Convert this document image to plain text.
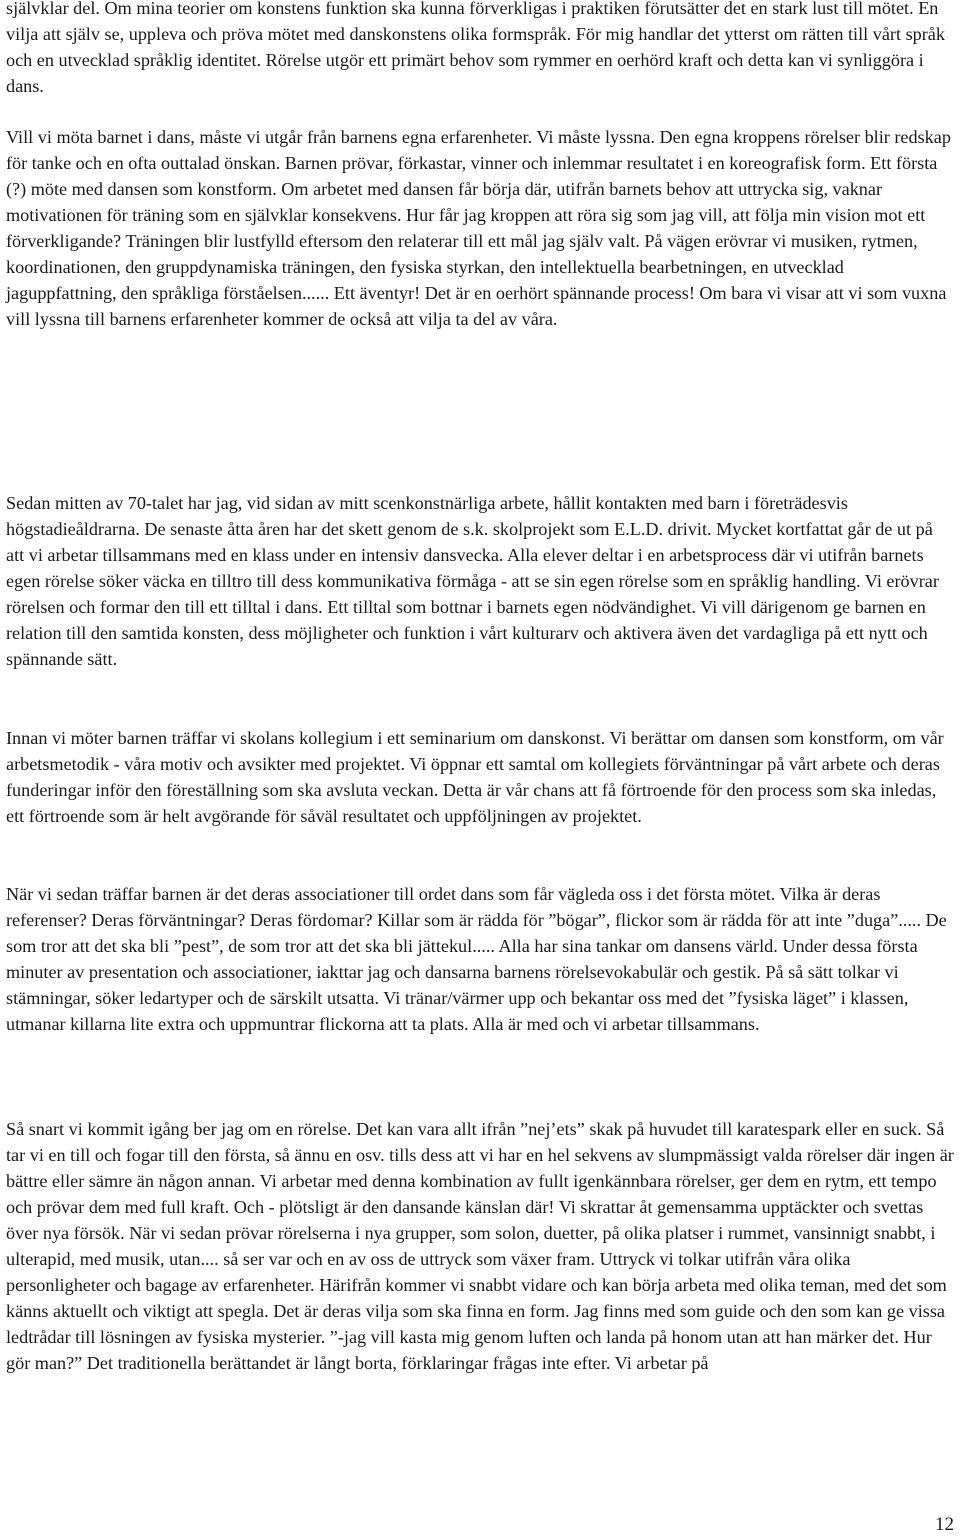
självklar del. Om mina teorier om konstens funktion ska kunna förverkligas i praktiken förutsätter det en stark lust till mötet. En vilja att själv se, uppleva och pröva mötet med danskonstens olika formspråk. För mig handlar det ytterst om rätten till vårt språk och en utvecklad språklig identitet. Rörelse utgör ett primärt behov som rymmer en oerhörd kraft och detta kan vi synliggöra i dans.

Vill vi möta barnet i dans, måste vi utgår från barnens egna erfarenheter. Vi måste lyssna. Den egna kroppens rörelser blir redskap för tanke och en ofta outtalad önskan. Barnen prövar, förkastar, vinner och inlemmar resultatet i en koreografisk form. Ett första (?) möte med dansen som konstform. Om arbetet med dansen får börja där, utifrån barnets behov att uttrycka sig, vaknar motivationen för träning som en självklar konsekvens. Hur får jag kroppen att röra sig som jag vill, att följa min vision mot ett förverkligande? Träningen blir lustfylld eftersom den relaterar till ett mål jag själv valt. På vägen erövrar vi musiken, rytmen, koordinationen, den gruppdynamiska träningen, den fysiska styrkan, den intellektuella bearbetningen, en utvecklad jaguppfattning, den språkliga förståelsen...... Ett äventyr! Det är en oerhört spännande process! Om bara vi visar att vi som vuxna vill lyssna till barnens erfarenheter kommer de också att vilja ta del av våra.

Sedan mitten av 70-talet har jag, vid sidan av mitt scenkonstnärliga arbete, hållit kontakten med barn i företrädesvis högstadieåldrarna. De senaste åtta åren har det skett genom de s.k. skolprojekt som E.L.D. drivit. Mycket kortfattat går de ut på att vi arbetar tillsammans med en klass under en intensiv dansvecka. Alla elever deltar i en arbetsprocess där vi utifrån barnets egen rörelse söker väcka en tilltro till dess kommunikativa förmåga - att se sin egen rörelse som en språklig handling. Vi erövrar rörelsen och formar den till ett tilltal i dans. Ett tilltal som bottnar i barnets egen nödvändighet. Vi vill därigenom ge barnen en relation till den samtida konsten, dess möjligheter och funktion i vårt kulturarv och aktivera även det vardagliga på ett nytt och spännande sätt.

Innan vi möter barnen träffar vi skolans kollegium i ett seminarium om danskonst. Vi berättar om dansen som konstform, om vår arbetsmetodik - våra motiv och avsikter med projektet. Vi öppnar ett samtal om kollegiets förväntningar på vårt arbete och deras funderingar inför den föreställning som ska avsluta veckan. Detta är vår chans att få förtroende för den process som ska inledas, ett förtroende som är helt avgörande för såväl resultatet och uppföljningen av projektet.

När vi sedan träffar barnen är det deras associationer till ordet dans som får vägleda oss i det första mötet. Vilka är deras referenser? Deras förväntningar? Deras fördomar? Killar som är rädda för ”bögar”, flickor som är rädda för att inte ”duga”..... De som tror att det ska bli ”pest”, de som tror att det ska bli jättekul..... Alla har sina tankar om dansens värld. Under dessa första minuter av presentation och associationer, iakttar jag och dansarna barnens rörelsevokabulär och gestik. På så sätt tolkar vi stämningar, söker ledartyper och de särskilt utsatta. Vi tränar/värmer upp och bekantar oss med det ”fysiska läget” i klassen, utmanar killarna lite extra och uppmuntrar flickorna att ta plats. Alla är med och vi arbetar tillsammans.

Så snart vi kommit igång ber jag om en rörelse. Det kan vara allt ifrån ”nej’ets” skak på huvudet till karatespark eller en suck. Så tar vi en till och fogar till den första, så ännu en osv. tills dess att vi har en hel sekvens av slumpmässigt valda rörelser där ingen är bättre eller sämre än någon annan. Vi arbetar med denna kombination av fullt igenkännbara rörelser, ger dem en rytm, ett tempo och prövar dem med full kraft. Och - plötsligt är den dansande känslan där! Vi skrattar åt gemensamma upptäckter och svettas över nya försök. När vi sedan prövar rörelserna i nya grupper, som solon, duetter, på olika platser i rummet, vansinnigt snabbt, i ulterapid, med musik, utan.... så ser var och en av oss de uttryck som växer fram. Uttryck vi tolkar utifrån våra olika personligheter och bagage av erfarenheter. Härifrån kommer vi snabbt vidare och kan börja arbeta med olika teman, med det som känns aktuellt och viktigt att spegla. Det är deras vilja som ska finna en form. Jag finns med som guide och den som kan ge vissa ledtrådar till lösningen av fysiska mysterier. ”-jag vill kasta mig genom luften och landa på honom utan att han märker det. Hur gör man?” Det traditionella berättandet är långt borta, förklaringar frågas inte efter. Vi arbetar på

12
